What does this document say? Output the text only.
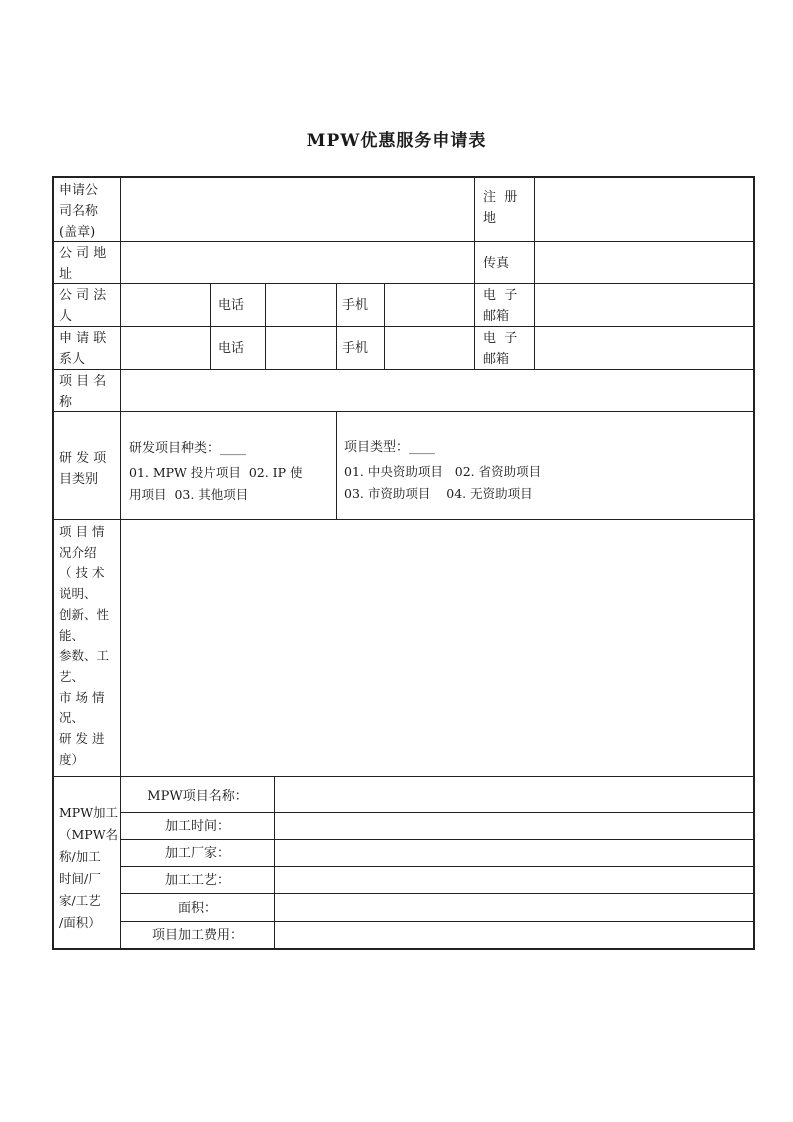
MPW优惠服务申请表
申请公
司名称
(盖章)
注  册
地
公 司 地
址
传真
公 司 法
人
电话	手机
电  子
邮箱
申 请 联
系人
电话	手机
电  子
邮箱
项 目 名
称
研 发 项
目类别
研发项目种类：____
01. MPW 投片项目  02. IP 使
用项目  03. 其他项目
项目类型：____
01. 中央资助项目   02. 省资助项目
03. 市资助项目    04. 无资助项目
项 目 情
况介绍
（ 技 术
说明、
创新、性
能、
参数、工
艺、
市 场 情
况、
研 发 进
度）
MPW加工
（MPW名
称/加工
时间/厂
家/工艺
/面积）
MPW项目名称：
加工时间：
加工厂家：
加工工艺：
面积：
项目加工费用：
